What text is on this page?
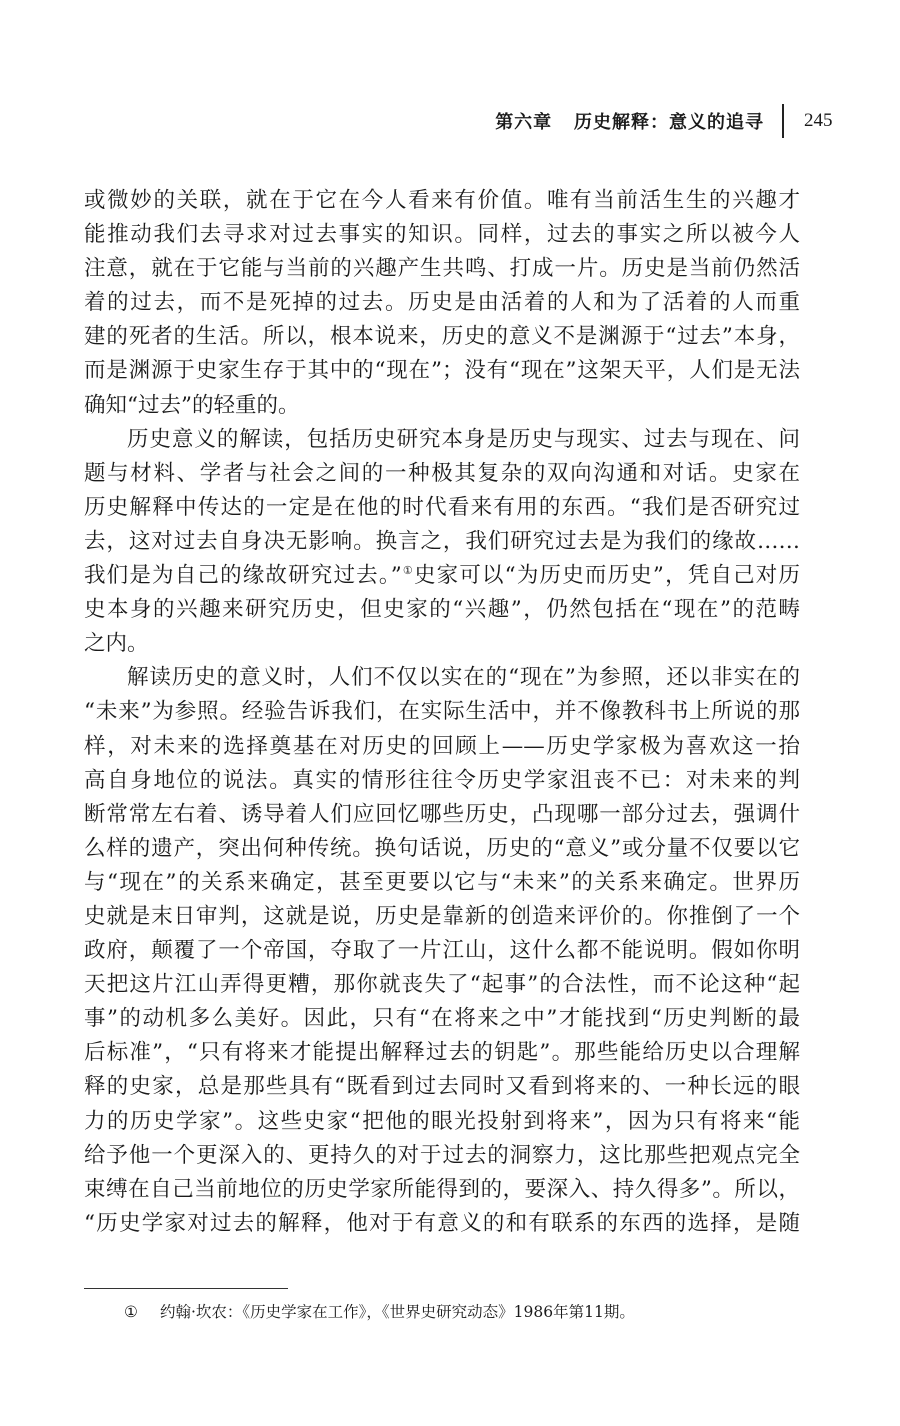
第六章   历史解释：意义的追寻 245
或微妙的关联，就在于它在今人看来有价值。唯有当前活生生的兴趣才
能推动我们去寻求对过去事实的知识。同样，过去的事实之所以被今人
注意，就在于它能与当前的兴趣产生共鸣、打成一片。历史是当前仍然活
着的过去，而不是死掉的过去。历史是由活着的人和为了活着的人而重
建的死者的生活。所以，根本说来，历史的意义不是渊源于“过去”本身，
而是渊源于史家生存于其中的“现在”；没有“现在”这架天平，人们是无法
确知“过去”的轻重的。
历史意义的解读，包括历史研究本身是历史与现实、过去与现在、问
题与材料、学者与社会之间的一种极其复杂的双向沟通和对话。史家在
历史解释中传达的一定是在他的时代看来有用的东西。“我们是否研究过
去，这对过去自身决无影响。换言之，我们研究过去是为我们的缘故……
我们是为自己的缘故研究过去。”①史家可以“为历史而历史”，凭自己对历
史本身的兴趣来研究历史，但史家的“兴趣”，仍然包括在“现在”的范畴
之内。
解读历史的意义时，人们不仅以实在的“现在”为参照，还以非实在的
“未来”为参照。经验告诉我们，在实际生活中，并不像教科书上所说的那
样，对未来的选择奠基在对历史的回顾上——历史学家极为喜欢这一抬
高自身地位的说法。真实的情形往往令历史学家沮丧不已：对未来的判
断常常左右着、诱导着人们应回忆哪些历史，凸现哪一部分过去，强调什
么样的遗产，突出何种传统。换句话说，历史的“意义”或分量不仅要以它
与“现在”的关系来确定，甚至更要以它与“未来”的关系来确定。世界历
史就是末日审判，这就是说，历史是靠新的创造来评价的。你推倒了一个
政府，颠覆了一个帝国，夺取了一片江山，这什么都不能说明。假如你明
天把这片江山弄得更糟，那你就丧失了“起事”的合法性，而不论这种“起
事”的动机多么美好。因此，只有“在将来之中”才能找到“历史判断的最
后标准”，“只有将来才能提出解释过去的钥匙”。那些能给历史以合理解
释的史家，总是那些具有“既看到过去同时又看到将来的、一种长远的眼
力的历史学家”。这些史家“把他的眼光投射到将来”，因为只有将来“能
给予他一个更深入的、更持久的对于过去的洞察力，这比那些把观点完全
束缚在自己当前地位的历史学家所能得到的，要深入、持久得多”。所以，
“历史学家对过去的解释，他对于有意义的和有联系的东西的选择，是随
① 约翰·坎农：《历史学家在工作》，《世界史研究动态》1986年第11期。
